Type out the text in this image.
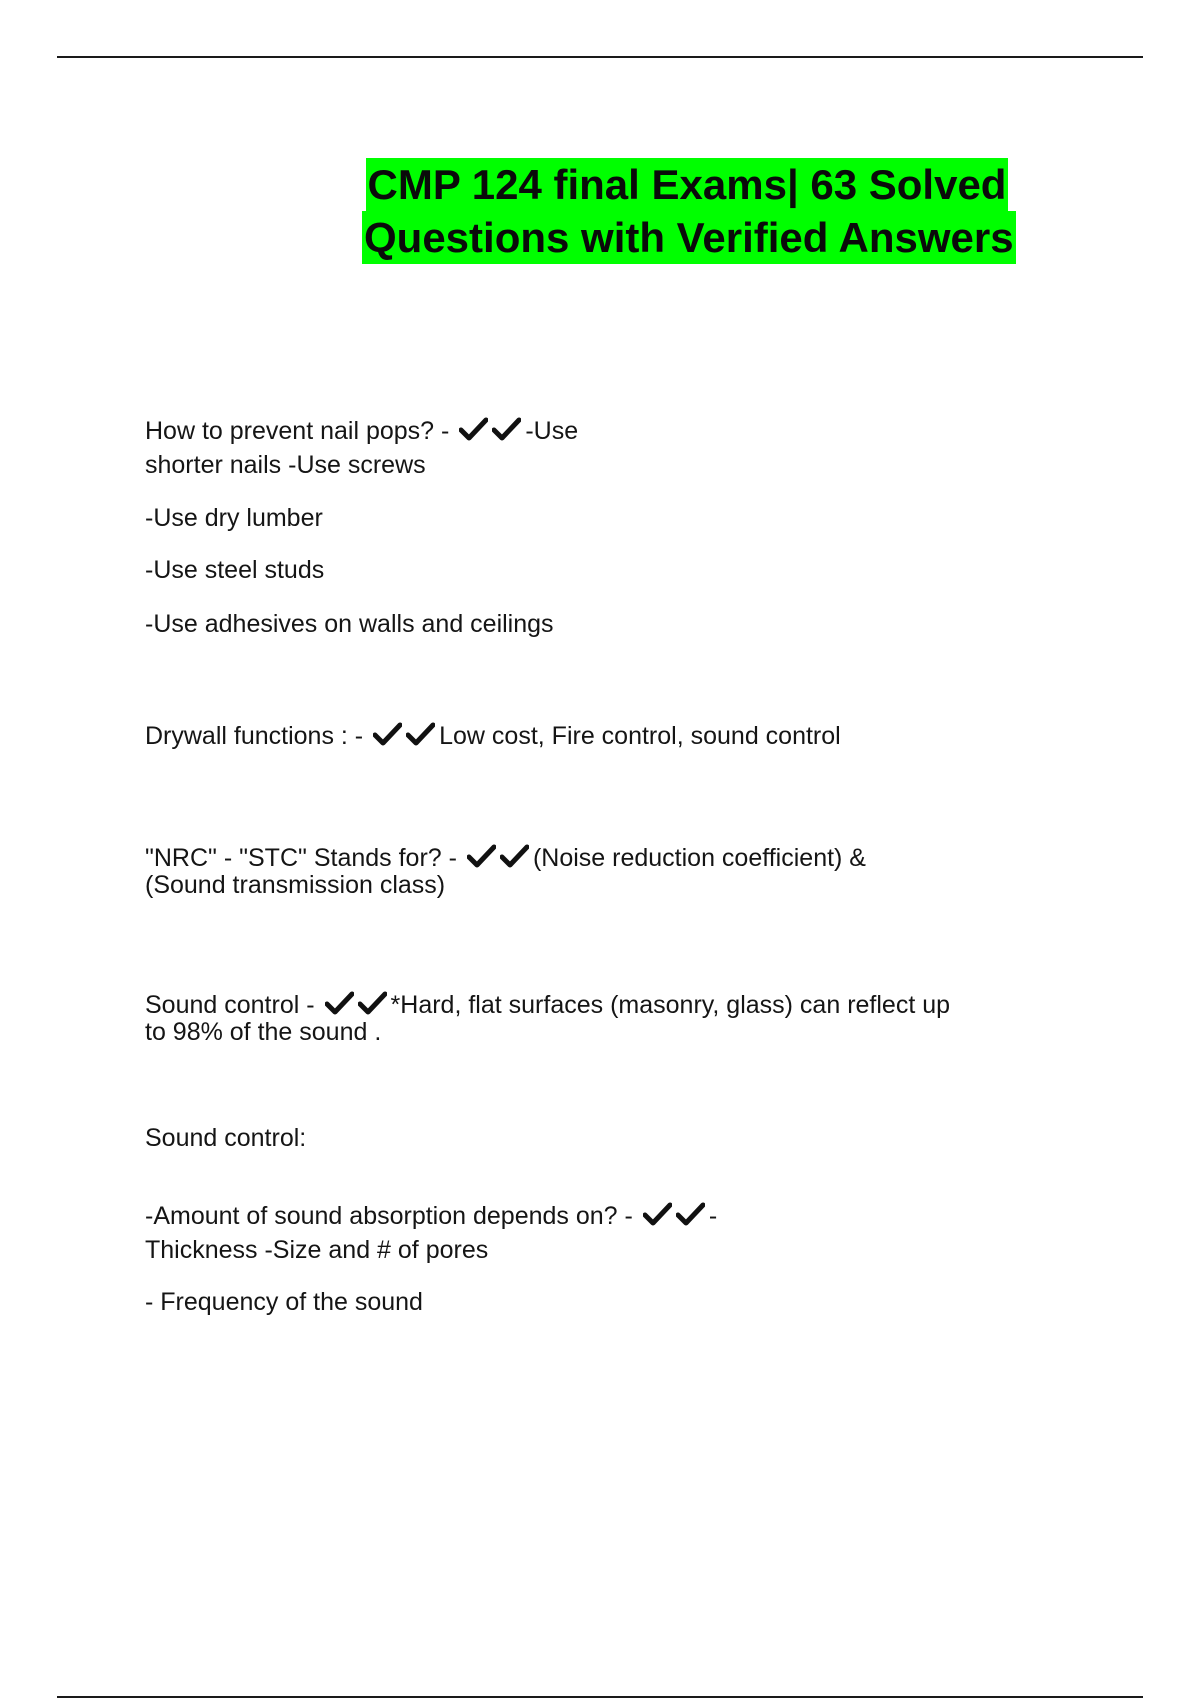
CMP 124 final Exams| 63 Solved
Questions with Verified Answers
How to prevent nail pops? -	-Use
shorter nails -Use screws
-Use dry lumber
-Use steel studs
-Use adhesives on walls and ceilings
Drywall functions : -	Low cost, Fire control, sound control
"NRC" - "STC" Stands for? -	(Noise reduction coefficient) &
(Sound transmission class)
Sound control -	*Hard, flat surfaces (masonry, glass) can reflect up
to 98% of the sound .
Sound control:
-Amount of sound absorption depends on? -	-
Thickness -Size and # of pores
- Frequency of the sound
